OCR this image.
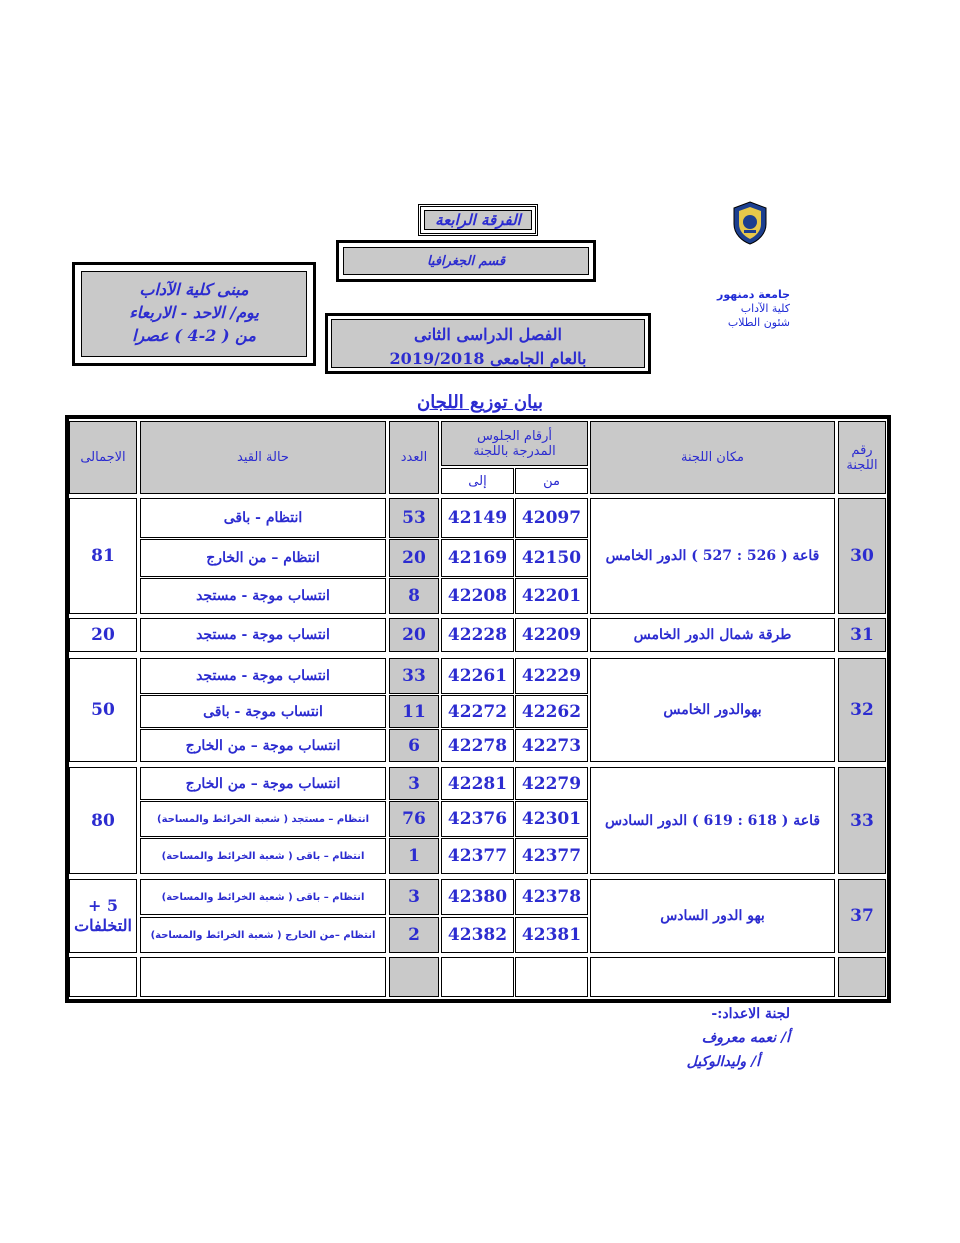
الفرقة الرابعة
قسم الجغرافيا
مبنى كلية الآداب
يوم/ الاحد - الاربعاء
من ( 2-4 ) عصرا	الفصل الدراسى الثانى
بالعام الجامعى 2019/2018
جامعة دمنهور
كلية الآداب
شئون الطلاب
بيان توزيع اللجان
رقم اللجنة
مكان اللجنة
أرقام الجلوس المدرجة باللجنة
من
إلى
العدد
حالة القيد
الاجمالى
30
قاعة ( 526 : 527 ) الدور الخامس
42097
42149
53
انتظام - باقى
42150
42169
20
انتظام – من الخارج
42201
42208
8
انتساب موجة - مستجد
81
31
طرقة شمال الدور الخامس
42209
42228
20
انتساب موجة - مستجد
20
32
بهوالدور الخامس
42229
42261
33
انتساب موجة - مستجد
42262
42272
11
انتساب موجة - باقى
42273
42278
6
انتساب موجة – من الخارج
50
33
قاعة ( 618 : 619 ) الدور السادس
42279
42281
3
انتساب موجة – من الخارج
42301
42376
76
انتظام – مستجد ( شعبة الخرائط والمساحة)
42377
42377
1
انتظام – باقى ( شعبة الخرائط والمساحة)
80
37
بهو الدور السادس
42378
42380
3
انتظام – باقى ( شعبة الخرائط والمساحة)
42381
42382
2
انتظام –من الخارج ( شعبة الخرائط والمساحة)
5 + التخلفات
لجنة الاعداد:-
أ/ نعمه معروف
أ/ وليدالوكيل
